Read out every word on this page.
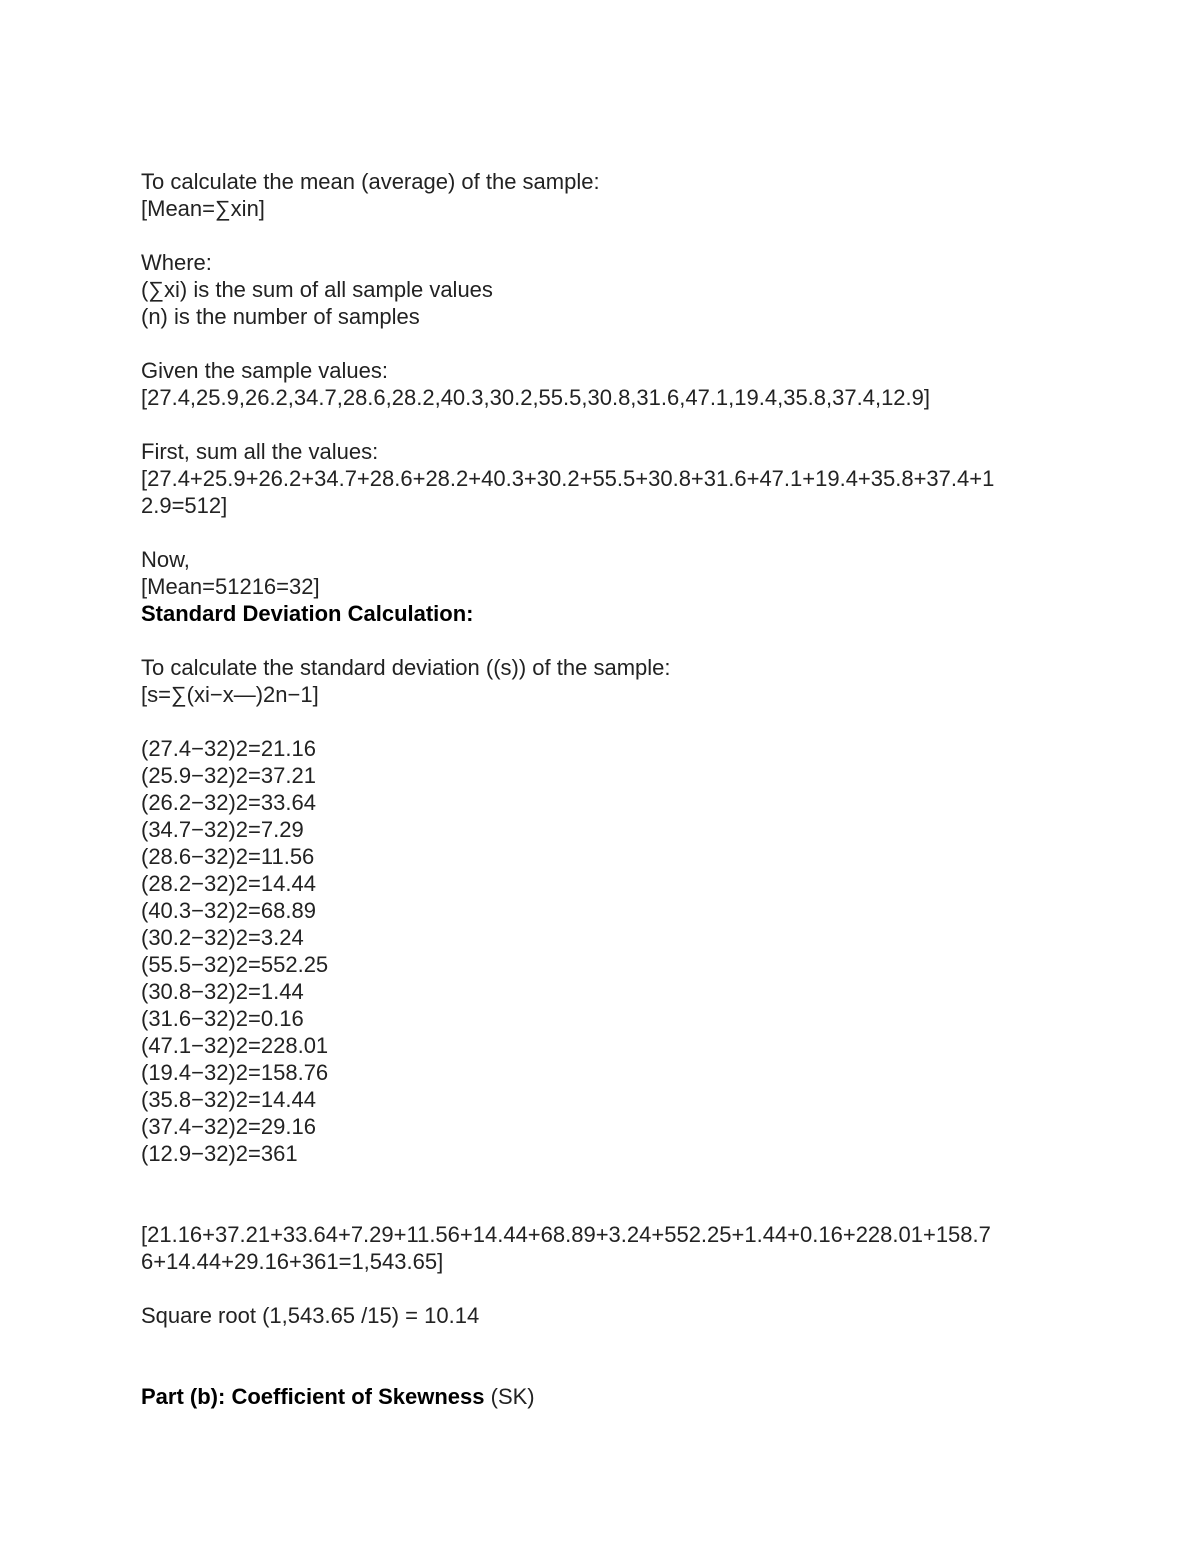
To calculate the mean (average) of the sample:
[Mean=∑xin]
Where:
(∑xi) is the sum of all sample values
(n) is the number of samples
Given the sample values:
[27.4,25.9,26.2,34.7,28.6,28.2,40.3,30.2,55.5,30.8,31.6,47.1,19.4,35.8,37.4,12.9]
First, sum all the values:
[27.4+25.9+26.2+34.7+28.6+28.2+40.3+30.2+55.5+30.8+31.6+47.1+19.4+35.8+37.4+1
2.9=512]
Now,
[Mean=51216=32]
Standard Deviation Calculation:
To calculate the standard deviation ((s)) of the sample:
[s=∑(xi−x—)2n−1]
(27.4−32)2=21.16
(25.9−32)2=37.21
(26.2−32)2=33.64
(34.7−32)2=7.29
(28.6−32)2=11.56
(28.2−32)2=14.44
(40.3−32)2=68.89
(30.2−32)2=3.24
(55.5−32)2=552.25
(30.8−32)2=1.44
(31.6−32)2=0.16
(47.1−32)2=228.01
(19.4−32)2=158.76
(35.8−32)2=14.44
(37.4−32)2=29.16
(12.9−32)2=361
[21.16+37.21+33.64+7.29+11.56+14.44+68.89+3.24+552.25+1.44+0.16+228.01+158.7
6+14.44+29.16+361=1,543.65]
Square root (1,543.65 /15) = 10.14
Part (b): Coefficient of Skewness (SK)
